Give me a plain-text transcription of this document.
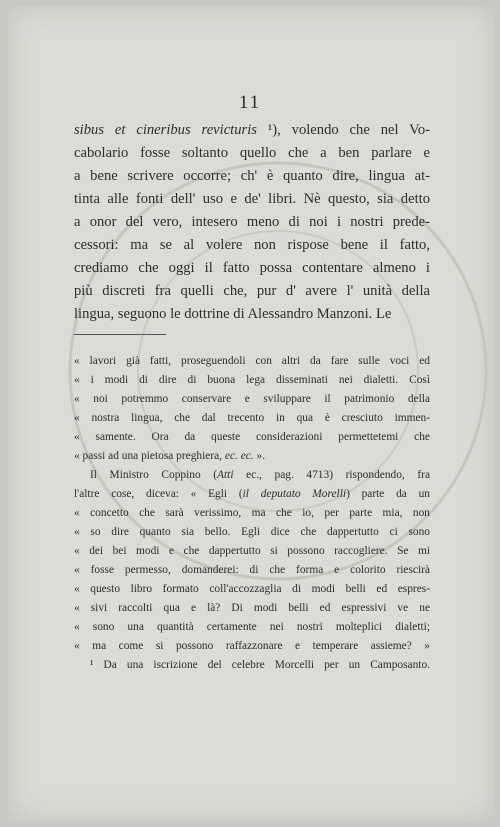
11
sibus et cineribus revicturis ¹), volendo che nel Vo-
cabolario fosse soltanto quello che a ben parlare e
a bene scrivere occorre; ch' è quanto dire, lingua at-
tinta alle fonti dell' uso e de' libri. Nè questo, sia detto
a onor del vero, intesero meno di noi i nostri prede-
cessori: ma se al volere non rispose bene il fatto,
crediamo che oggi il fatto possa contentare almeno i
più discreti fra quelli che, pur d' avere l' unità della
lingua, seguono le dottrine di Alessandro Manzoni. Le
« lavori già fatti, proseguendoli con altri da fare sulle voci ed
« i modi di dire di buona lega disseminati nei dialetti. Così
« noi potremmo conservare e sviluppare il patrimonio della
« nostra lingua, che dal trecento in qua è cresciuto immen-
« samente. Ora da queste considerazioni permettetemi che
« passi ad una pietosa preghiera, ec. ec. ».
Il Ministro Coppino (Atti ec., pag. 4713) rispondendo, fra
l'altre cose, diceva: « Egli (il deputato Morelli) parte da un
« concetto che sarà verissimo, ma che io, per parte mia, non
« so dire quanto sia bello. Egli dice che dappertutto ci sono
« dei bei modi e che dappertutto si possono raccogliere. Se mi
« fosse permesso, domanderei: di che forma e colorito riescirà
« questo libro formato coll'accozzaglia di modi belli ed espres-
« sivi raccolti qua e là? Di modi belli ed espressivi ve ne
« sono una quantità certamente nei nostri molteplici dialetti;
« ma come si possono raffazzonare e temperare assieme? »
¹ Da una iscrizione del celebre Morcelli per un Camposanto.
